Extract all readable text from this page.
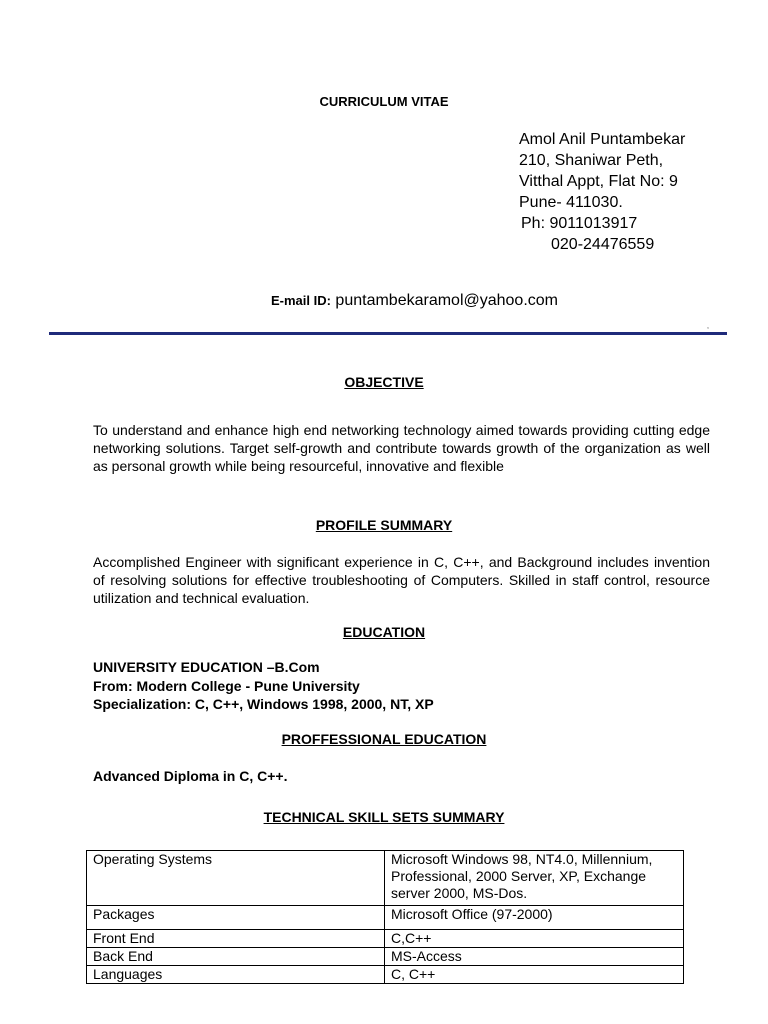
CURRICULUM VITAE
Amol Anil Puntambekar
210, Shaniwar Peth,
Vitthal Appt, Flat No: 9
Pune- 411030.
Ph: 9011013917
020-24476559
E-mail ID: puntambekaramol@yahoo.com
,
OBJECTIVE
To understand and enhance high end networking technology aimed towards providing cutting edge networking solutions. Target self-growth and contribute towards growth of the organization as well as personal growth while being resourceful, innovative and flexible
PROFILE SUMMARY
Accomplished Engineer with significant experience in C, C++, and Background includes invention of resolving solutions for effective troubleshooting of Computers. Skilled in staff control, resource utilization and technical evaluation.
EDUCATION
UNIVERSITY EDUCATION –B.Com
From: Modern College - Pune University
Specialization: C, C++, Windows 1998, 2000, NT, XP
PROFFESSIONAL EDUCATION
Advanced Diploma in C, C++.
TECHNICAL SKILL SETS SUMMARY
Operating Systems	Microsoft Windows 98, NT4.0, Millennium, Professional, 2000 Server, XP, Exchange server 2000, MS-Dos.
Packages	Microsoft Office (97-2000)
Front End	C,C++
Back End	MS-Access
Languages	C, C++
